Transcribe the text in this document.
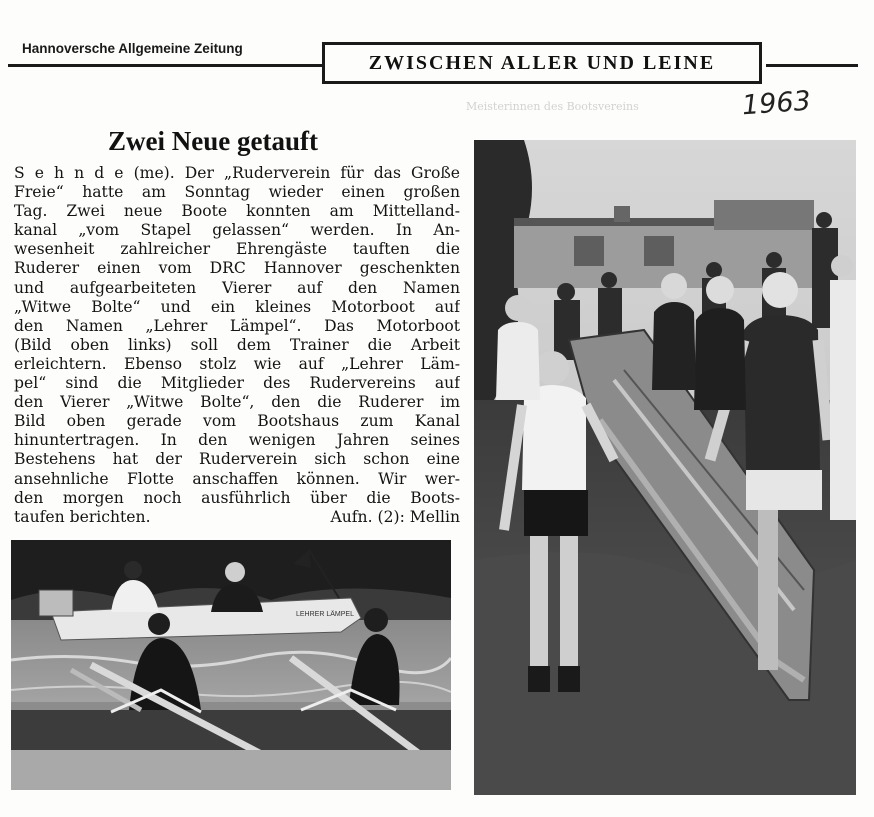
Hannoversche Allgemeine Zeitung
ZWISCHEN ALLER UND LEINE
1963
Zwei Neue getauft
S e h n d e (me). Der „Ruderverein für das Große
Freie“ hatte am Sonntag wieder einen großen
Tag. Zwei neue Boote konnten am Mittelland-
kanal „vom Stapel gelassen“ werden. In An-
wesenheit zahlreicher Ehrengäste tauften die
Ruderer einen vom DRC Hannover geschenkten
und aufgearbeiteten Vierer auf den Namen
„Witwe Bolte“ und ein kleines Motorboot auf
den Namen „Lehrer Lämpel“. Das Motorboot
(Bild oben links) soll dem Trainer die Arbeit
erleichtern. Ebenso stolz wie auf „Lehrer Läm-
pel“ sind die Mitglieder des Rudervereins auf
den Vierer „Witwe Bolte“, den die Ruderer im
Bild oben gerade vom Bootshaus zum Kanal
hinuntertragen. In den wenigen Jahren seines
Bestehens hat der Ruderverein sich schon eine
ansehnliche Flotte anschaffen können. Wir wer-
den morgen noch ausführlich über die Boots-
taufen berichten.	Aufn. (2): Mellin
LEHRER LÄMPEL
Meisterinnen des Bootsvereins
